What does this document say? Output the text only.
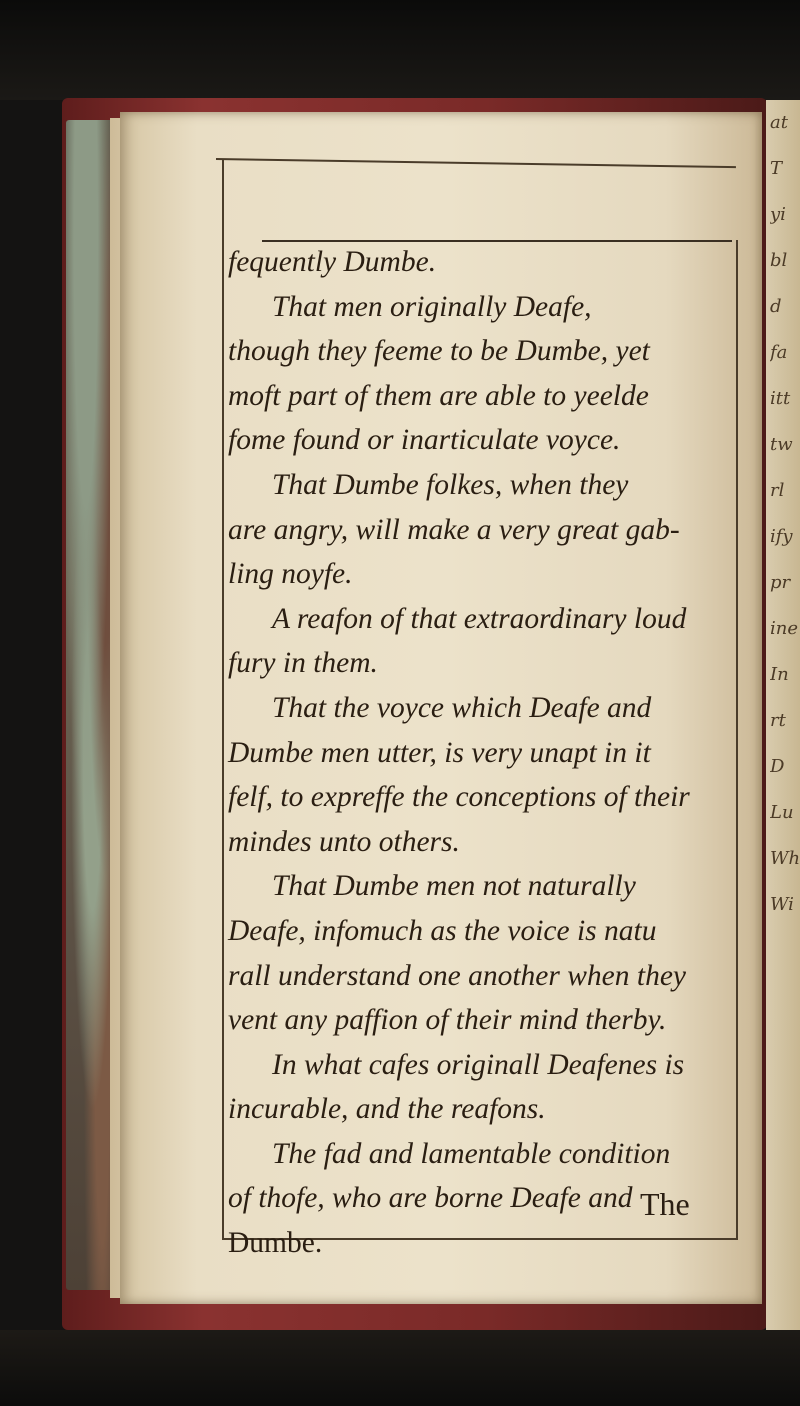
at
T
yi
bl
d
fa
itt
tw
rl
ify
pr
ine
In
rt
D
Lu
Wh
Wi
fequently Dumbe.
That men originally Deafe,
though they feeme to be Dumbe, yet
moft part of them are able to yeelde
fome found or inarticulate voyce.
That Dumbe folkes, when they
are angry, will make a very great gab-
ling noyfe.
A reafon of that extraordinary loud
fury in them.
That the voyce which Deafe and
Dumbe men utter, is very unapt in it
felf, to expreffe the conceptions of their
mindes unto others.
That Dumbe men not naturally
Deafe, infomuch as the voice is natu
rall understand one another when they
vent any paffion of their mind therby.
In what cafes originall Deafenes is
incurable, and the reafons.
The fad and lamentable condition
of thofe, who are borne Deafe and
Dumbe.
The
